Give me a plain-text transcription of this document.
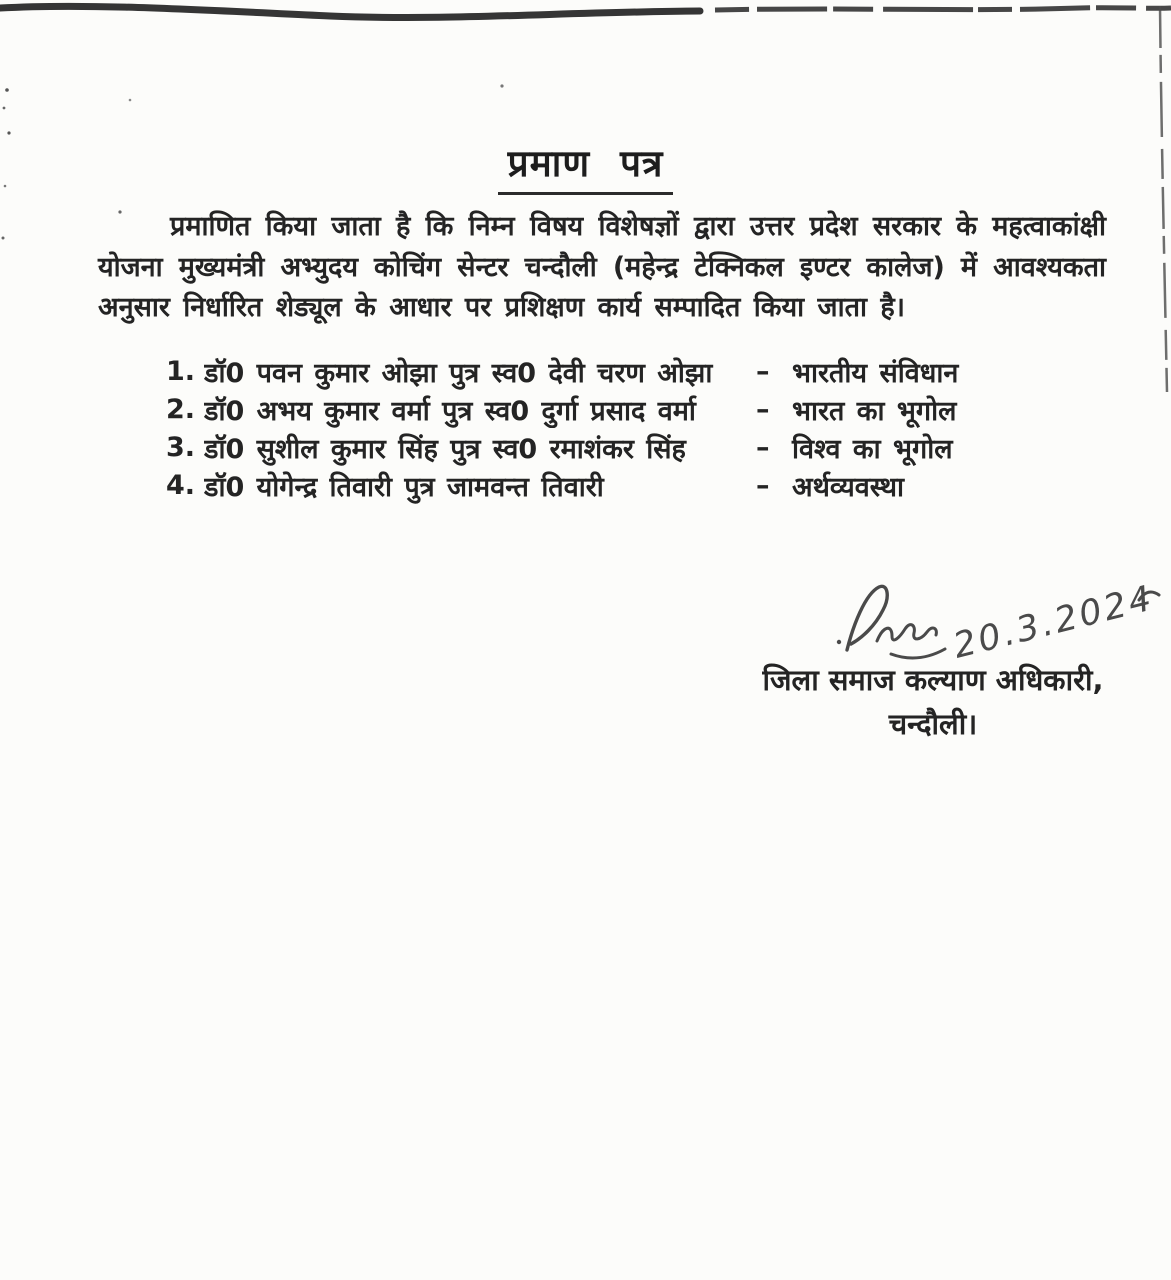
प्रमाण पत्र
प्रमाणित किया जाता है कि निम्न विषय विशेषज्ञों द्वारा उत्तर प्रदेश सरकार के महत्वाकांक्षी
योजना मुख्यमंत्री अभ्युदय कोचिंग सेन्टर चन्दौली (महेन्द्र टेक्निकल इण्टर कालेज) में आवश्यकता
अनुसार निर्धारित शेड्यूल के आधार पर प्रशिक्षण कार्य सम्पादित किया जाता है।
1. डॉ0 पवन कुमार ओझा पुत्र स्व0 देवी चरण ओझा	– भारतीय संविधान
2. डॉ0 अभय कुमार वर्मा पुत्र स्व0 दुर्गा प्रसाद वर्मा	– भारत का भूगोल
3. डॉ0 सुशील कुमार सिंह पुत्र स्व0 रमाशंकर सिंह	– विश्व का भूगोल
4. डॉ0 योगेन्द्र तिवारी पुत्र जामवन्त तिवारी	– अर्थव्यवस्था
20.3.2024
जिला समाज कल्याण अधिकारी,
चन्दौली।
